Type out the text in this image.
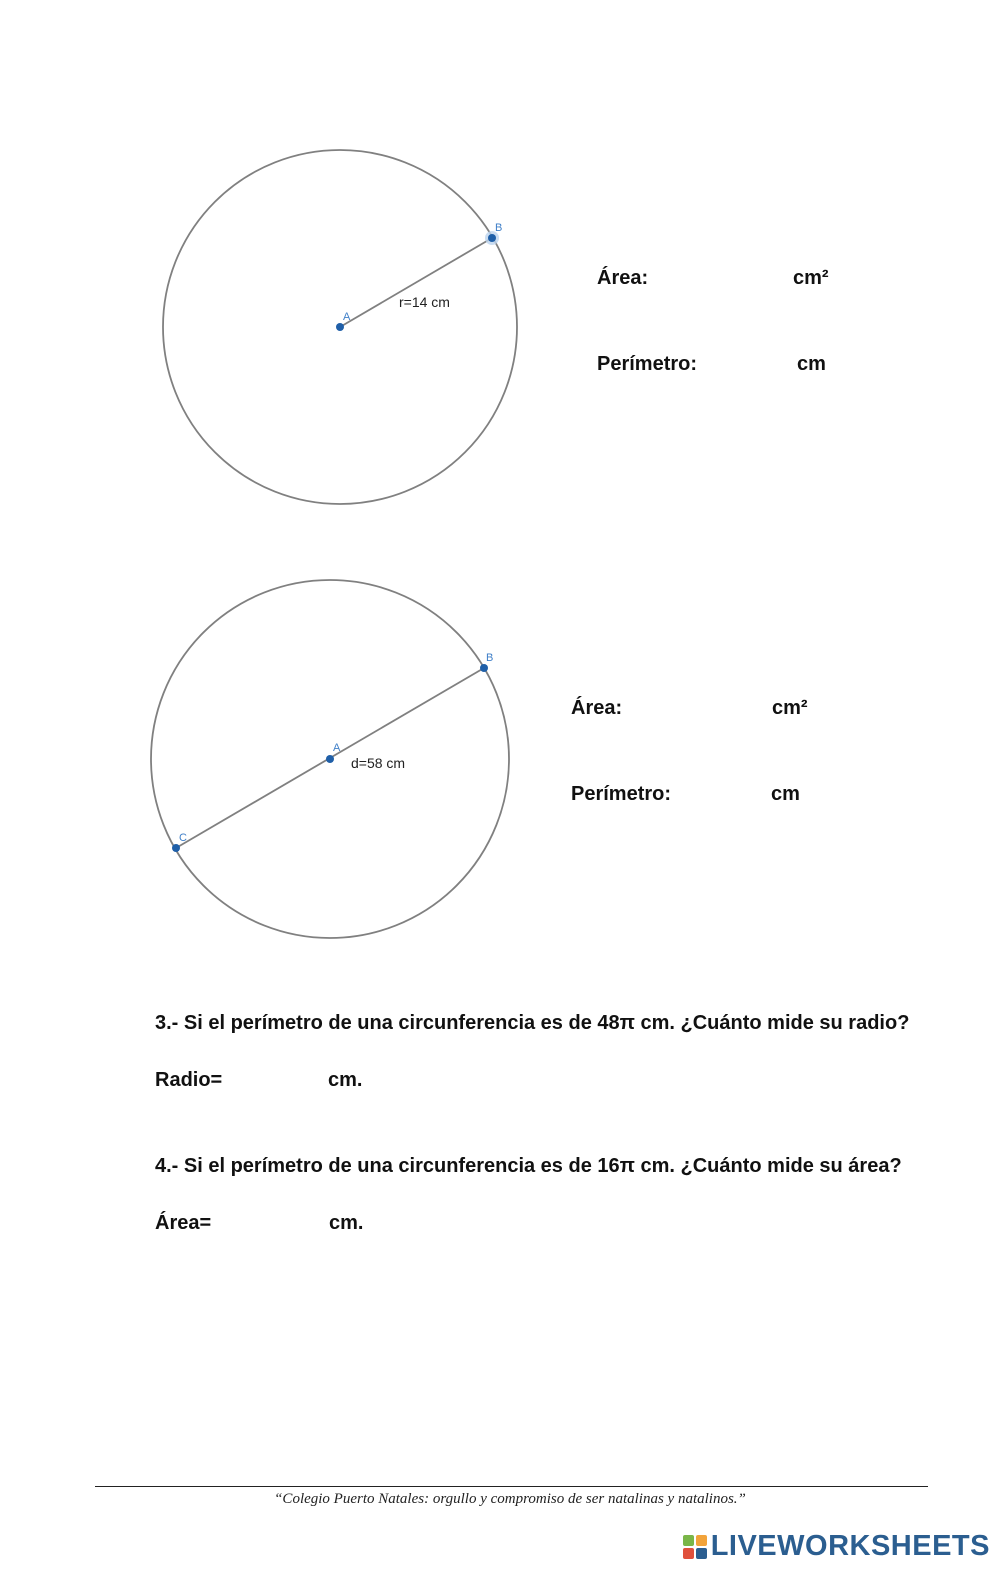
A
B
r=14 cm
Área:	cm²
Perímetro:	cm
A
B
C
d=58 cm
Área:	cm²
Perímetro:	cm
3.- Si el perímetro de una circunferencia es de 48π cm. ¿Cuánto mide su radio?
Radio=	cm.
4.- Si el perímetro de una circunferencia es de 16π cm. ¿Cuánto mide su área?
Área=	cm.
“Colegio Puerto Natales: orgullo y compromiso de ser natalinas y natalinos.”
LIVEWORKSHEETS
